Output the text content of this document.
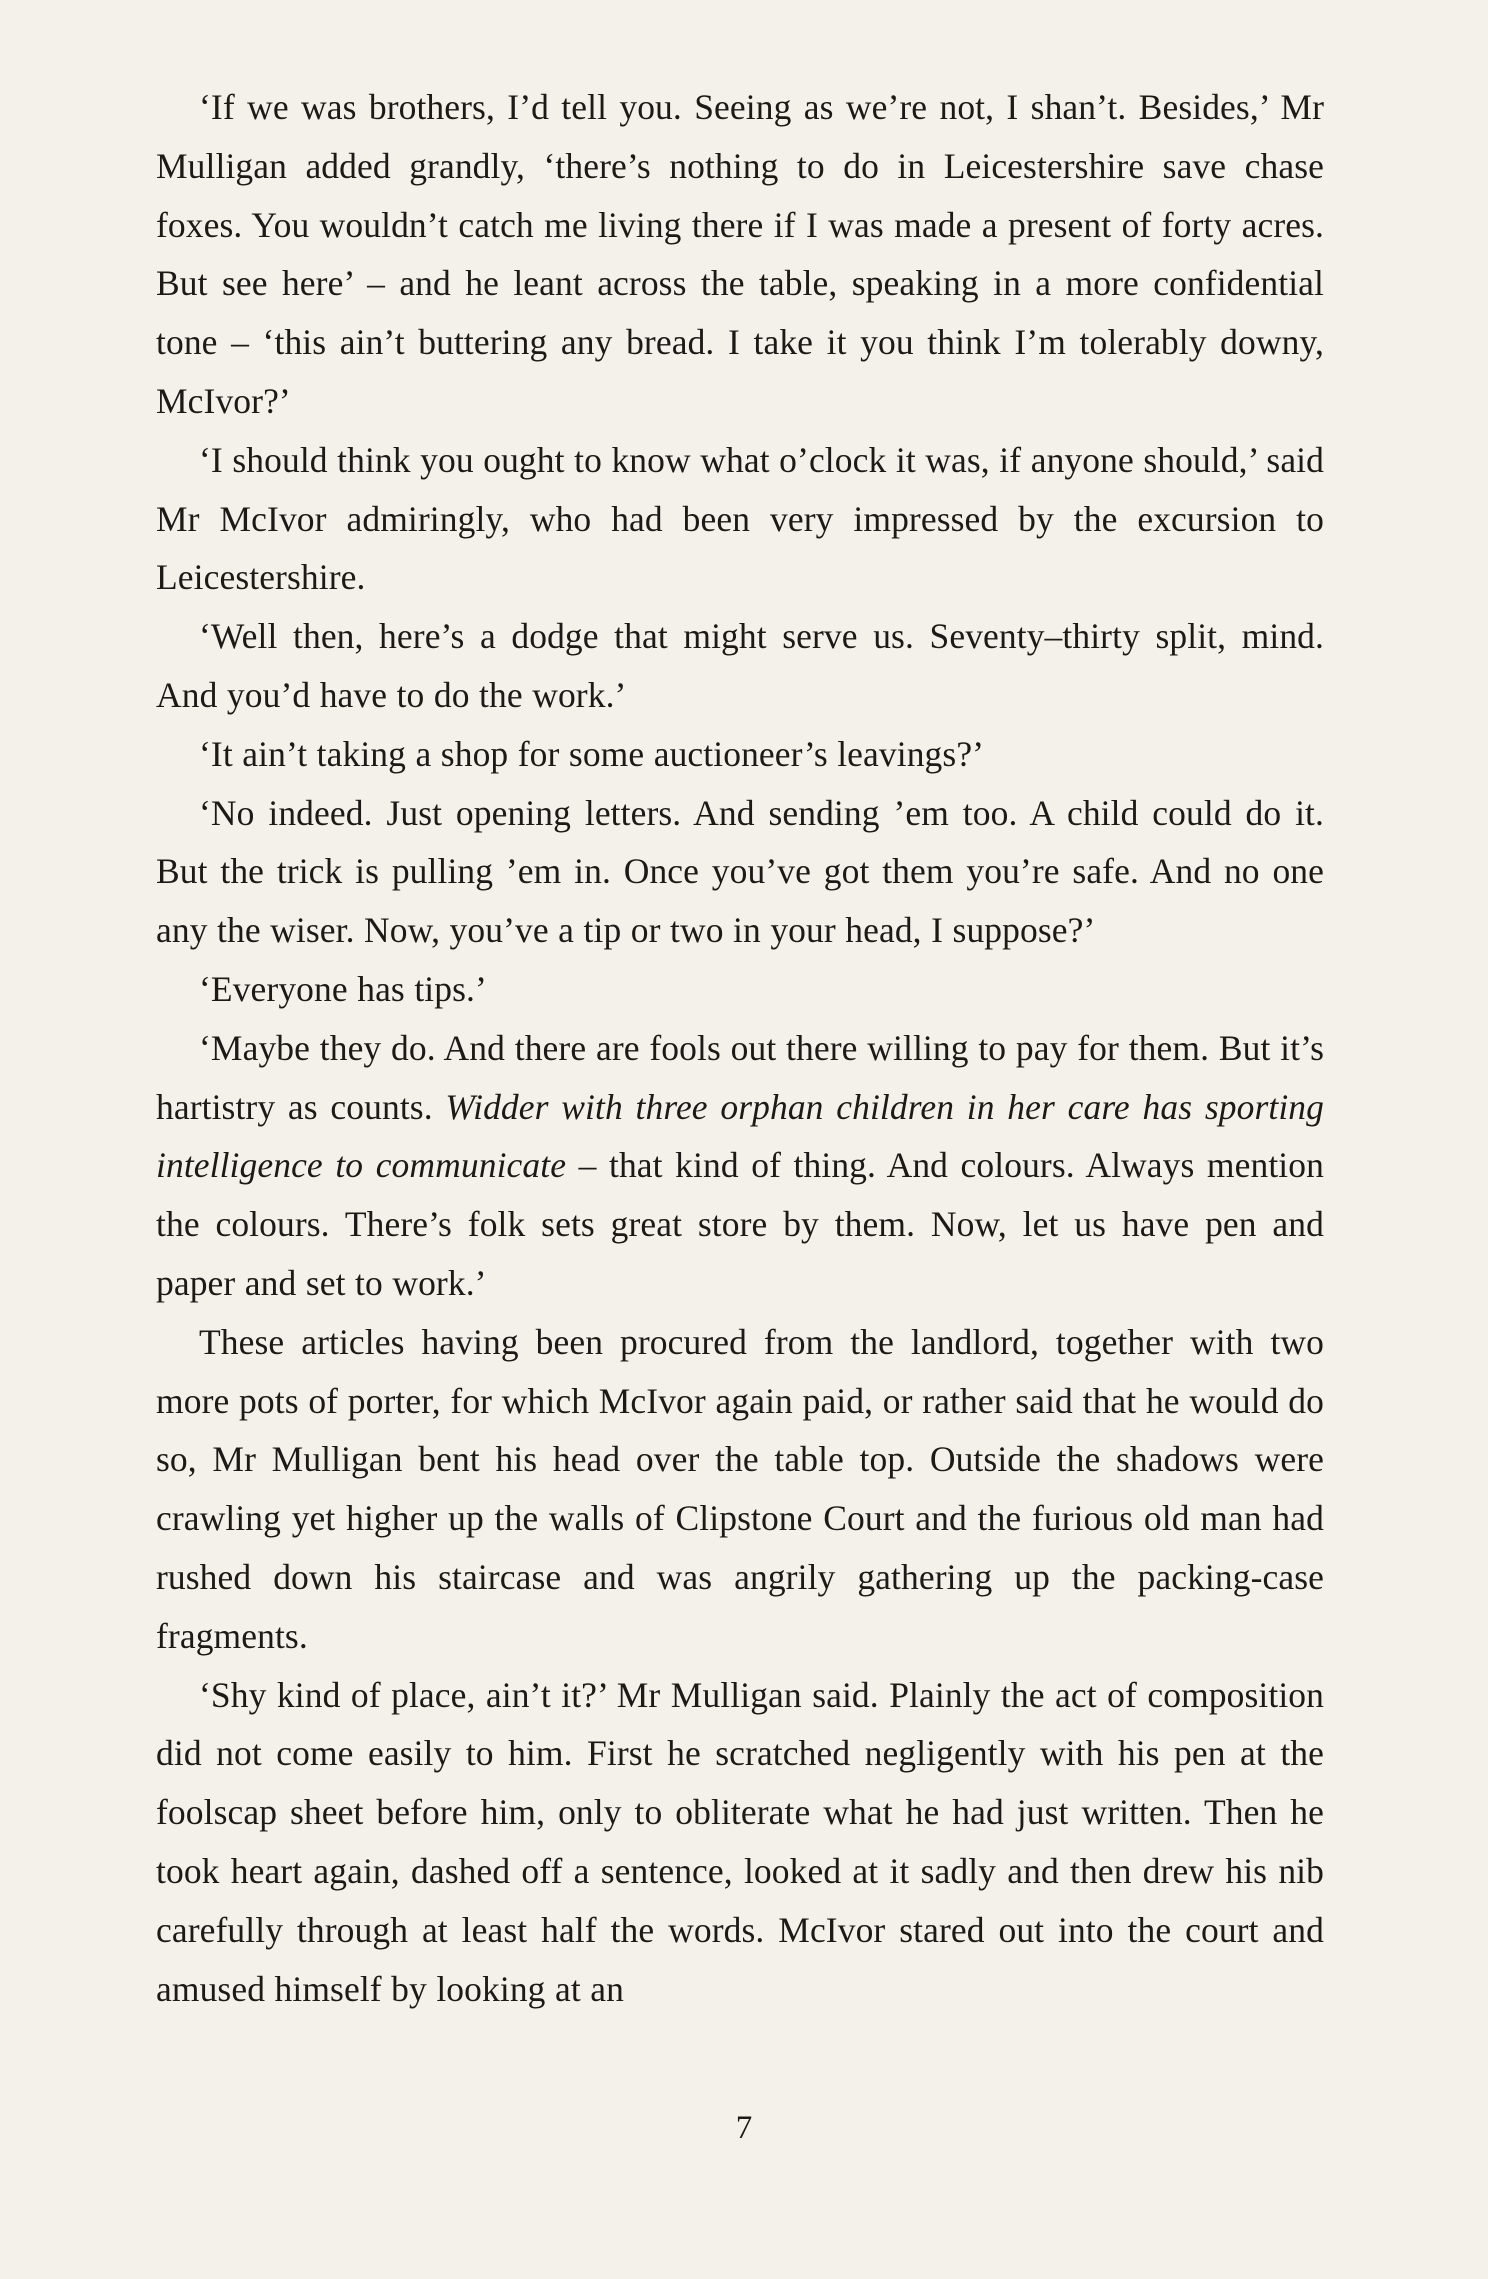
‘If we was brothers, I’d tell you. Seeing as we’re not, I shan’t. Besides,’ Mr Mulligan added grandly, ‘there’s nothing to do in Leicestershire save chase foxes. You wouldn’t catch me living there if I was made a present of forty acres. But see here’ – and he leant across the table, speaking in a more confidential tone – ‘this ain’t buttering any bread. I take it you think I’m tolerably downy, McIvor?’

‘I should think you ought to know what o’clock it was, if anyone should,’ said Mr McIvor admiringly, who had been very impressed by the excursion to Leicestershire.

‘Well then, here’s a dodge that might serve us. Seventy–thirty split, mind. And you’d have to do the work.’

‘It ain’t taking a shop for some auctioneer’s leavings?’

‘No indeed. Just opening letters. And sending ’em too. A child could do it. But the trick is pulling ’em in. Once you’ve got them you’re safe. And no one any the wiser. Now, you’ve a tip or two in your head, I suppose?’

‘Everyone has tips.’

‘Maybe they do. And there are fools out there willing to pay for them. But it’s hartistry as counts. Widder with three orphan children in her care has sporting intelligence to communicate – that kind of thing. And colours. Always mention the colours. There’s folk sets great store by them. Now, let us have pen and paper and set to work.’

These articles having been procured from the landlord, together with two more pots of porter, for which McIvor again paid, or rather said that he would do so, Mr Mulligan bent his head over the table top. Outside the shadows were crawling yet higher up the walls of Clipstone Court and the furious old man had rushed down his staircase and was angrily gathering up the packing-case fragments.

‘Shy kind of place, ain’t it?’ Mr Mulligan said. Plainly the act of composition did not come easily to him. First he scratched negligently with his pen at the foolscap sheet before him, only to obliterate what he had just written. Then he took heart again, dashed off a sentence, looked at it sadly and then drew his nib carefully through at least half the words. McIvor stared out into the court and amused himself by looking at an

7
